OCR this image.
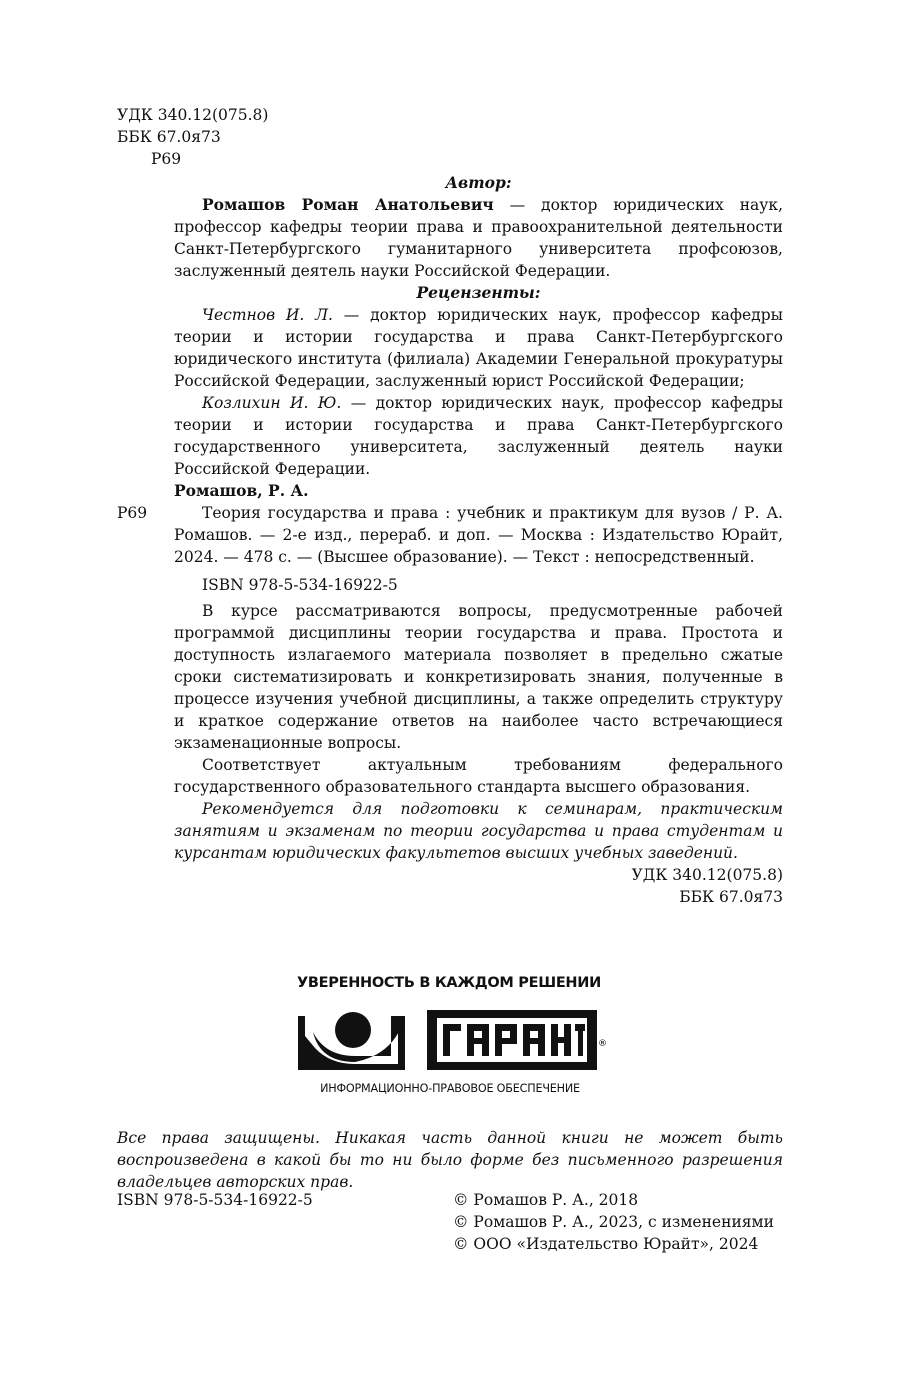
УДК 340.12(075.8)
ББК 67.0я73
Р69
Автор:

Ромашов Роман Анатольевич — доктор юридических наук, профессор кафедры теории права и правоохранительной деятельности Санкт-Петербургского гуманитарного университета профсоюзов, заслуженный деятель науки Российской Федерации.

Рецензенты:

Честнов И. Л. — доктор юридических наук, профессор кафедры теории и истории государства и права Санкт-Петербургского юридического института (филиала) Академии Генеральной прокуратуры Российской Федерации, заслуженный юрист Российской Федерации;

Козлихин И. Ю. — доктор юридических наук, профессор кафедры теории и истории государства и права Санкт-Петербургского государственного университета, заслуженный деятель науки Российской Федерации.

Р69
Ромашов, Р. А.

Теория государства и права : учебник и практикум для вузов / Р. А. Ромашов. — 2-е изд., перераб. и доп. — Москва : Издательство Юрайт, 2024. — 478 с. — (Высшее образование). — Текст : непосредственный.

ISBN 978-5-534-16922-5

В курсе рассматриваются вопросы, предусмотренные рабочей программой дисциплины теории государства и права. Простота и доступность излагаемого материала позволяет в предельно сжатые сроки систематизировать и конкретизировать знания, полученные в процессе изучения учебной дисциплины, а также определить структуру и краткое содержание ответов на наиболее часто встречающиеся экзаменационные вопросы.

Соответствует актуальным требованиям федерального государственного образовательного стандарта высшего образования.

Рекомендуется для подготовки к семинарам, практическим занятиям и экзаменам по теории государства и права студентам и курсантам юридических факультетов высших учебных заведений.

УДК 340.12(075.8)
ББК 67.0я73
УВЕРЕННОСТЬ В КАЖДОМ РЕШЕНИИ
®
ИНФОРМАЦИОННО-ПРАВОВОЕ ОБЕСПЕЧЕНИЕ

Все права защищены. Никакая часть данной книги не может быть воспроизведена в какой бы то ни было форме без письменного разрешения владельцев авторских прав.

ISBN 978-5-534-16922-5	© Ромашов Р. А., 2018
© Ромашов Р. А., 2023, с изменениями
© ООО «Издательство Юрайт», 2024
